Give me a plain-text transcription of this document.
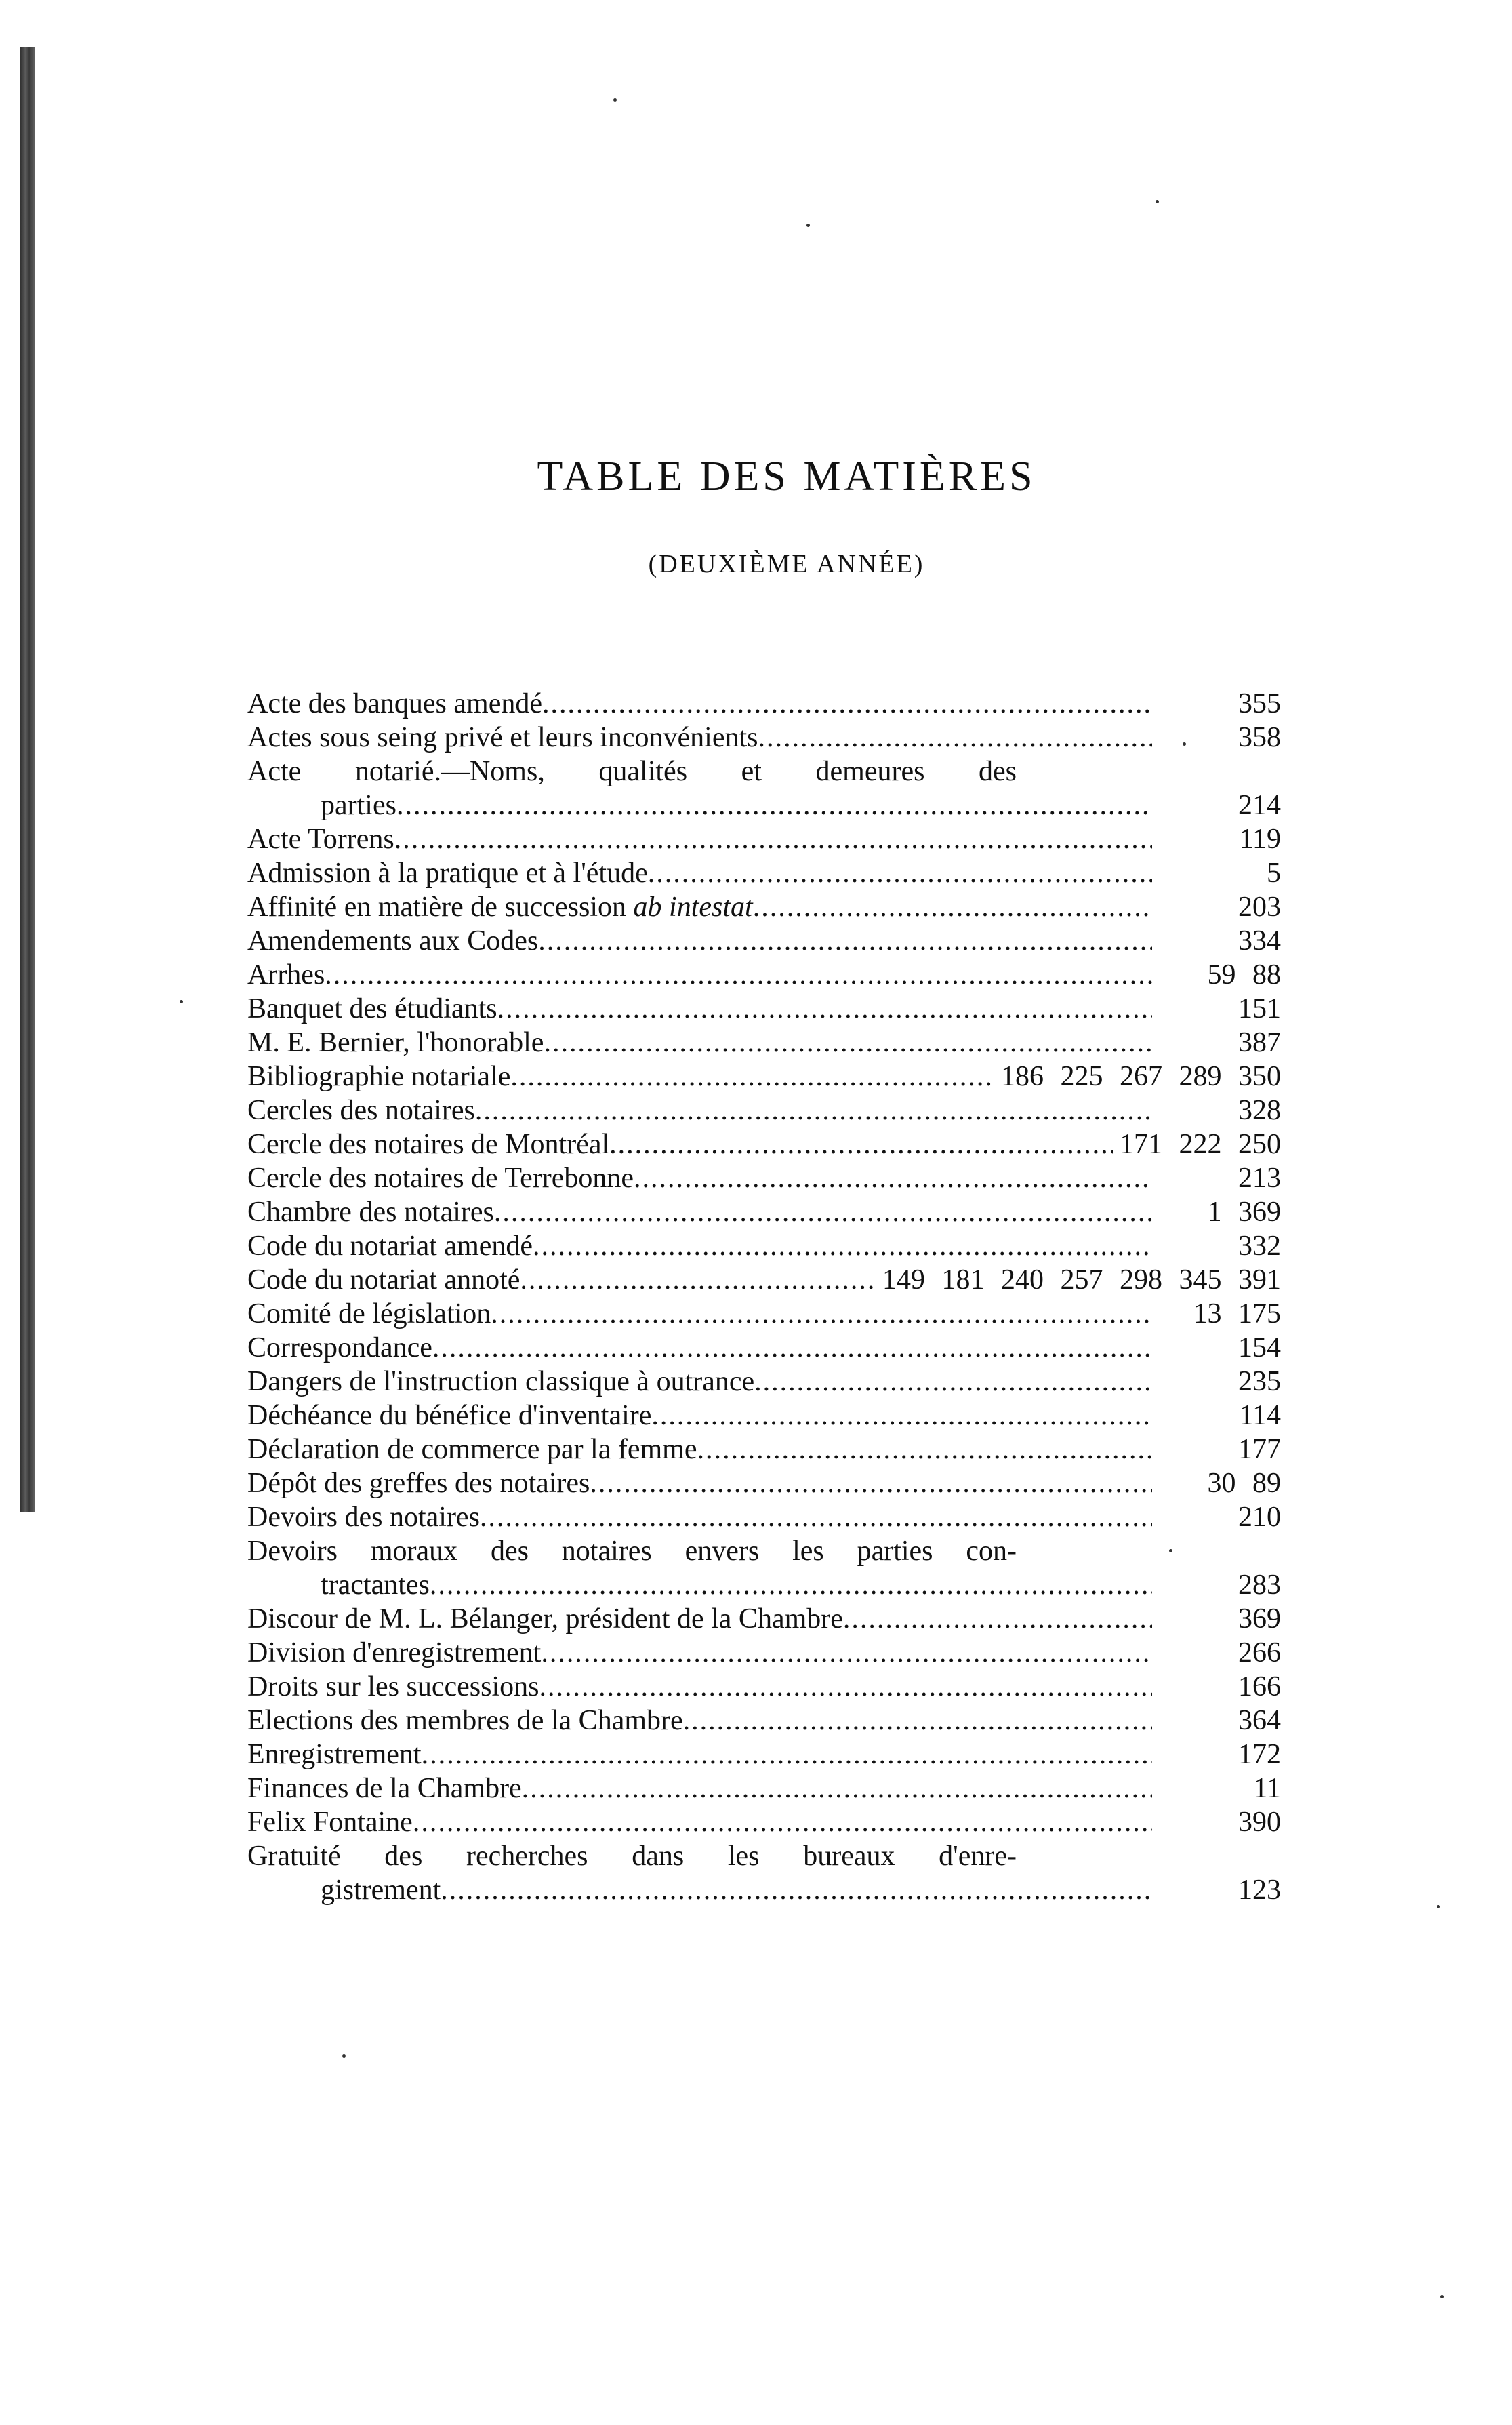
TABLE DES MATIÈRES
(DEUXIÈME ANNÉE)
Acte des banques amendé .....	355
Actes sous seing privé et leurs inconvénients .....	358
Acte notarié.—Noms, qualités et demeures des
parties .....	214
Acte Torrens .....	119
Admission à la pratique et à l'étude .....	5
Affinité en matière de succession ab intestat .....	203
Amendements aux Codes .....	334
Arrhes .....	59 88
Banquet des étudiants .....	151
M. E. Bernier, l'honorable .....	387
Bibliographie notariale .....	186 225 267 289 350
Cercles des notaires .....	328
Cercle des notaires de Montréal .....	171 222 250
Cercle des notaires de Terrebonne .....	213
Chambre des notaires .....	1 369
Code du notariat amendé .....	332
Code du notariat annoté .....	149 181 240 257 298 345 391
Comité de législation .....	13 175
Correspondance .....	154
Dangers de l'instruction classique à outrance .....	235
Déchéance du bénéfice d'inventaire .....	114
Déclaration de commerce par la femme .....	177
Dépôt des greffes des notaires .....	30 89
Devoirs des notaires .....	210
Devoirs moraux des notaires envers les parties con-
tractantes .....	283
Discour de M. L. Bélanger, président de la Chambre .....	369
Division d'enregistrement .....	266
Droits sur les successions .....	166
Elections des membres de la Chambre .....	364
Enregistrement .....	172
Finances de la Chambre .....	11
Felix Fontaine .....	390
Gratuité des recherches dans les bureaux d'enre-
gistrement .....	123
